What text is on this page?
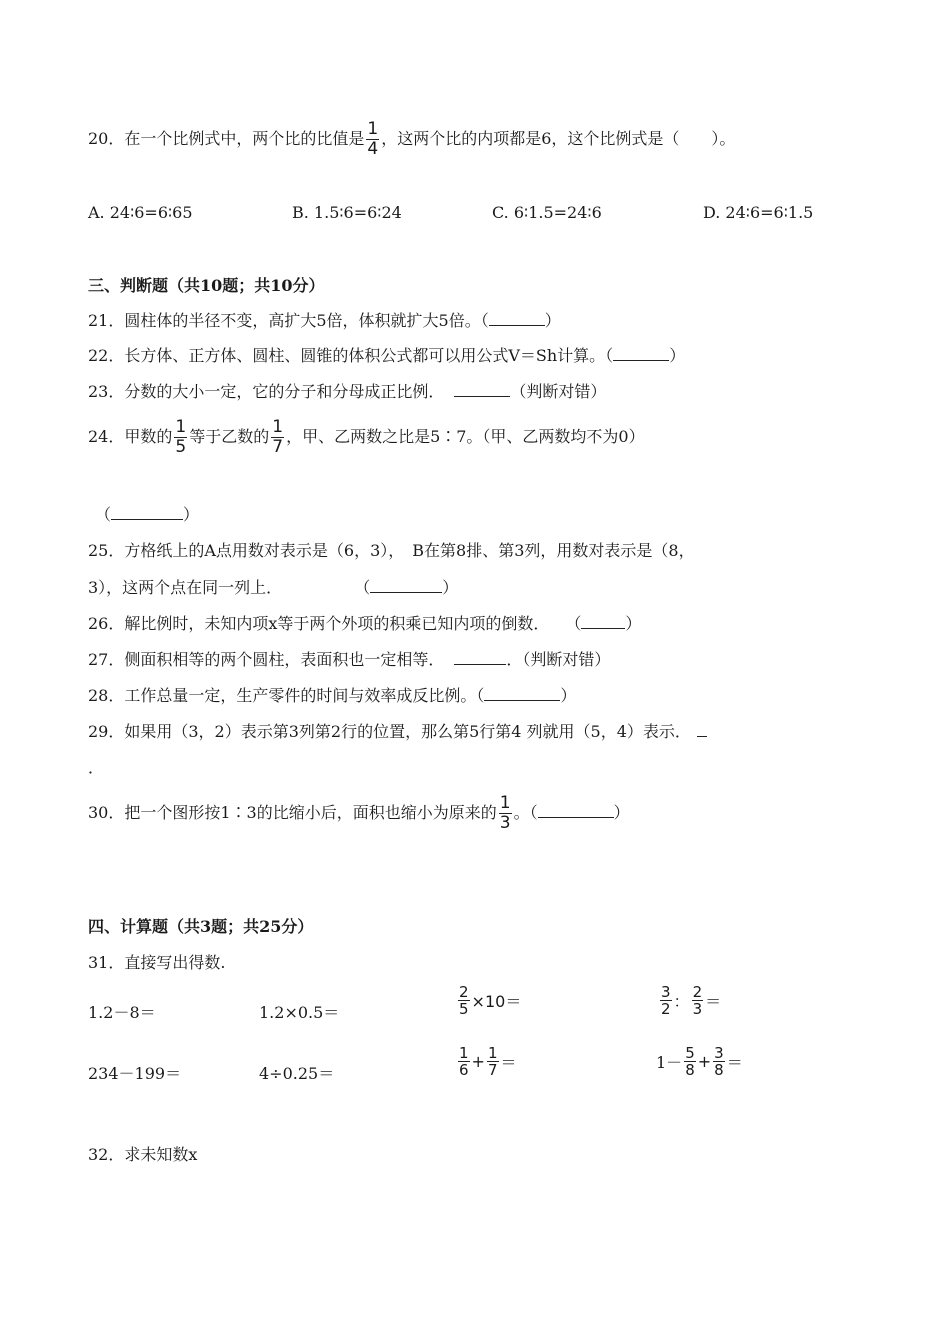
20．在一个比例式中，两个比的比值是 $\frac{1}{4}$ ，这两个比的内项都是6，这个比例式是（　　）。
A. 24∶6=6∶65	B. 1.5∶6=6∶24	C. 6∶1.5=24∶6	D. 24∶6=6∶1.5
三、判断题（共10题；共10分）
21．圆柱体的半径不变，高扩大5倍，体积就扩大5倍。（	）
22．长方体、正方体、圆柱、圆锥的体积公式都可以用公式V＝Sh计算。（	）
23．分数的大小一定，它的分子和分母成正比例．	（判断对错）
24．甲数的 $\frac{1}{5}$ 等于乙数的 $\frac{1}{7}$ ，甲、乙两数之比是5∶7。（甲、乙两数均不为0）
（	）
25．方格纸上的A点用数对表示是（6，3），　B在第8排、第3列，用数对表示是（8，
3），这两个点在同一列上．	（	）
26．解比例时，未知内项x等于两个外项的积乘已知内项的倒数．　　（	）
27．侧面积相等的两个圆柱，表面积也一定相等．	．（判断对错）
28．工作总量一定，生产零件的时间与效率成反比例。（	）
29．如果用（3，2）表示第3列第2行的位置，那么第5行第4 列就用（5，4）表示．
．
30．把一个图形按1∶3的比缩小后，面积也缩小为原来的 $\frac{1}{3}$ 。（	）
四、计算题（共3题；共25分）
31．直接写出得数.
1.2－8＝	1.2×0.5＝	$\frac{2}{5} \times 10=$	$\frac{3}{2}$ ： $\frac{2}{3}$ ＝
234－199＝	4÷0.25＝	$\frac{1}{6} + \frac{1}{7}$ ＝	$1- \frac{5}{8} + \frac{3}{8}$ ＝
32．求未知数x
